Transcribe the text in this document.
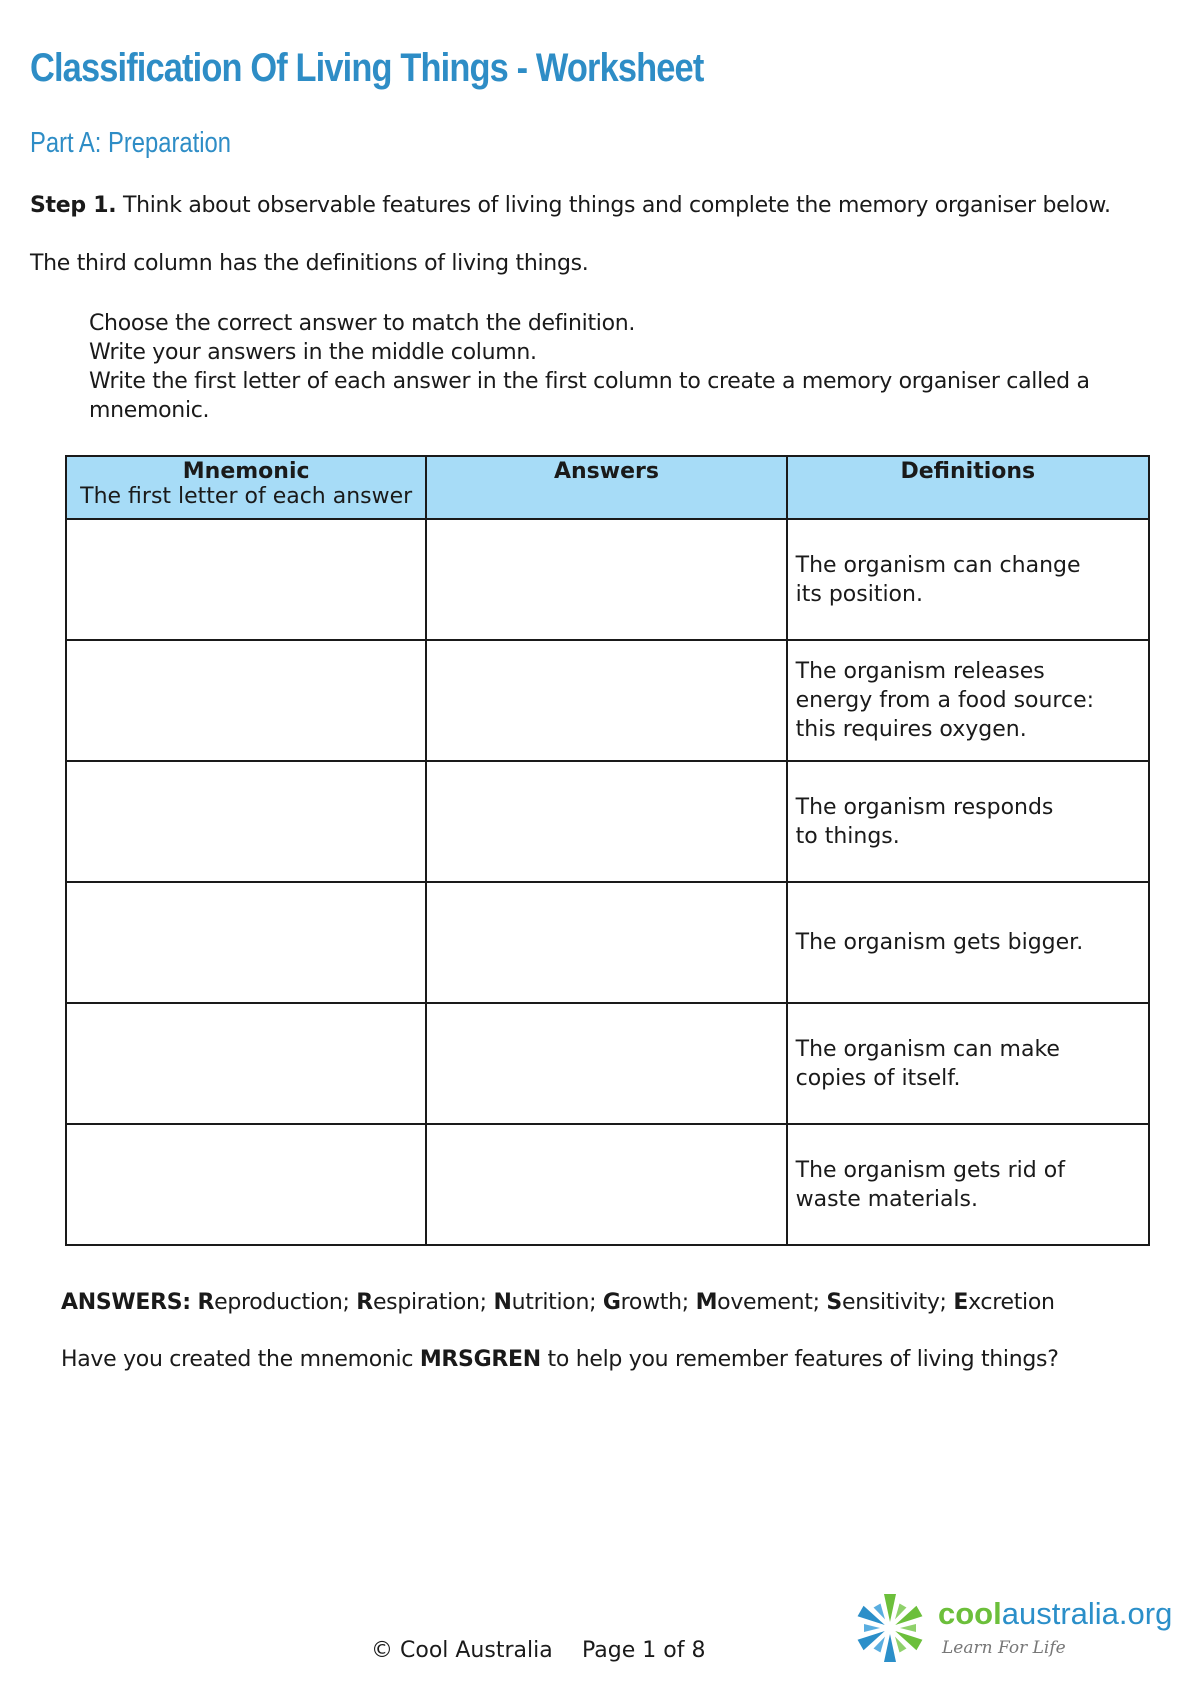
Classification Of Living Things - Worksheet
Part A: Preparation
Step 1. Think about observable features of living things and complete the memory organiser below.
The third column has the definitions of living things.
Choose the correct answer to match the definition.
Write your answers in the middle column.
Write the first letter of each answer in the first column to create a memory organiser called a
mnemonic.
Mnemonic
The first letter of each answer	Answers	Definitions

		The organism can change
its position.

		The organism releases
energy from a food source:
this requires oxygen.

		The organism responds
to things.

		The organism gets bigger.

		The organism can make
copies of itself.

		The organism gets rid of
waste materials.
ANSWERS: Reproduction; Respiration; Nutrition; Growth; Movement; Sensitivity; Excretion
Have you created the mnemonic MRSGREN to help you remember features of living things?
© Cool Australia Page 1 of 8
coolaustralia.org
Learn For Life
